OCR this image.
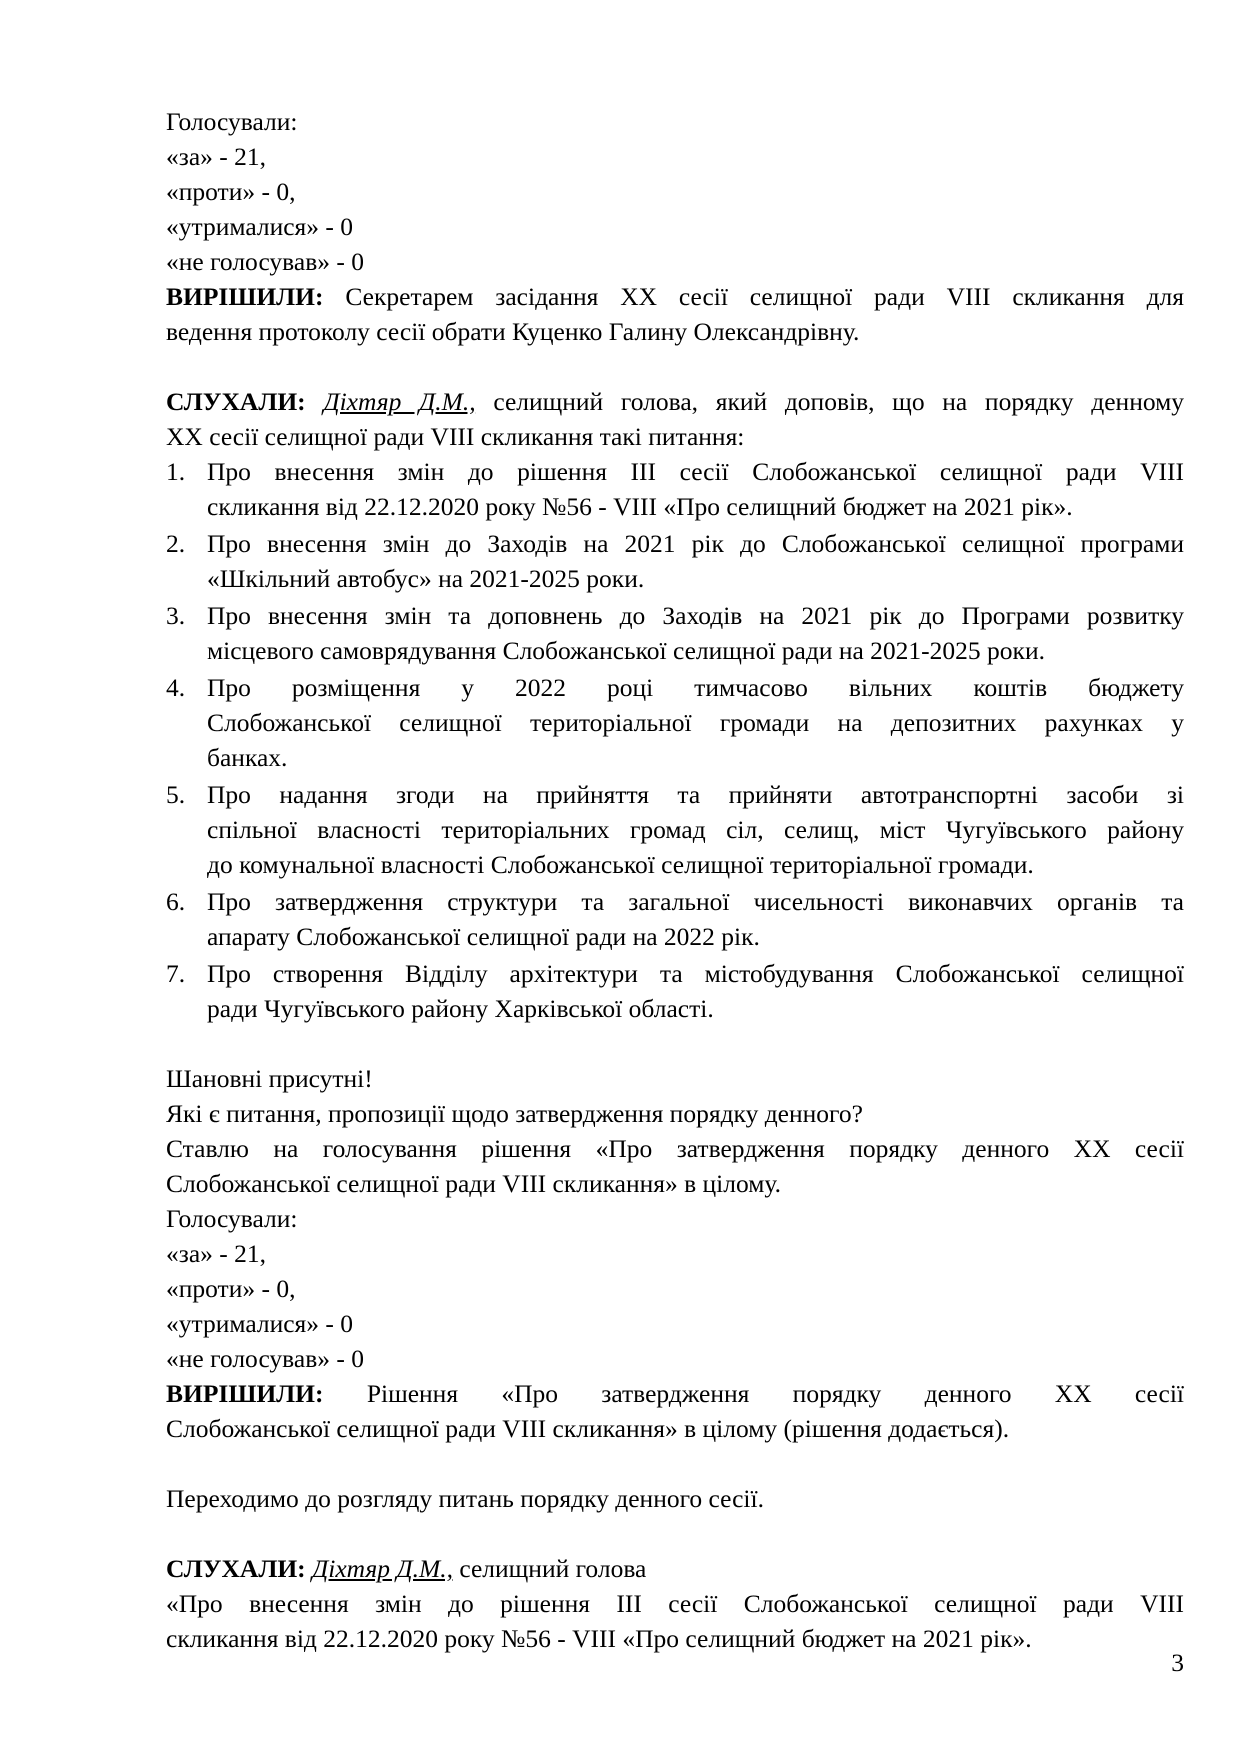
Голосували:
«за» - 21,
«проти» - 0,
«утрималися» - 0
«не голосував» - 0
ВИРІШИЛИ: Секретарем засідання ХХ сесії селищної ради VIII скликання для
ведення протоколу сесії обрати Куценко Галину Олександрівну.
СЛУХАЛИ: Діхтяр Д.М., селищний голова, який доповів, що на порядку денному
ХХ сесії селищної ради VIII скликання такі питання:
1. Про внесення змін до рішення ІІІ сесії Слобожанської селищної ради VIII
скликання від 22.12.2020 року №56 - VIII «Про селищний бюджет на 2021 рік».
2. Про внесення змін до Заходів на 2021 рік до Слобожанської селищної програми
«Шкільний автобус» на 2021-2025 роки.
3. Про внесення змін та доповнень до Заходів на 2021 рік до Програми розвитку
місцевого самоврядування Слобожанської селищної ради на 2021-2025 роки.
4. Про розміщення у 2022 році тимчасово вільних коштів бюджету
Слобожанської селищної територіальної громади на депозитних рахунках у
банках.
5. Про надання згоди на прийняття та прийняти автотранспортні засоби зі
спільної власності територіальних громад сіл, селищ, міст Чугуївського району
до комунальної власності Слобожанської селищної територіальної громади.
6. Про затвердження структури та загальної чисельності виконавчих органів та
апарату Слобожанської селищної ради на 2022 рік.
7. Про створення Відділу архітектури та містобудування Слобожанської селищної
ради Чугуївського району Харківської області.
Шановні присутні!
Які є питання, пропозиції щодо затвердження порядку денного?
Ставлю на голосування рішення «Про затвердження порядку денного ХХ сесії
Слобожанської селищної ради VIII скликання» в цілому.
Голосували:
«за» - 21,
«проти» - 0,
«утрималися» - 0
«не голосував» - 0
ВИРІШИЛИ: Рішення «Про затвердження порядку денного ХХ сесії
Слобожанської селищної ради VIII скликання» в цілому (рішення додається).
Переходимо до розгляду питань порядку денного сесії.
СЛУХАЛИ: Діхтяр Д.М., селищний голова
«Про внесення змін до рішення ІІІ сесії Слобожанської селищної ради VIII
скликання від 22.12.2020 року №56 - VIII «Про селищний бюджет на 2021 рік».
3
